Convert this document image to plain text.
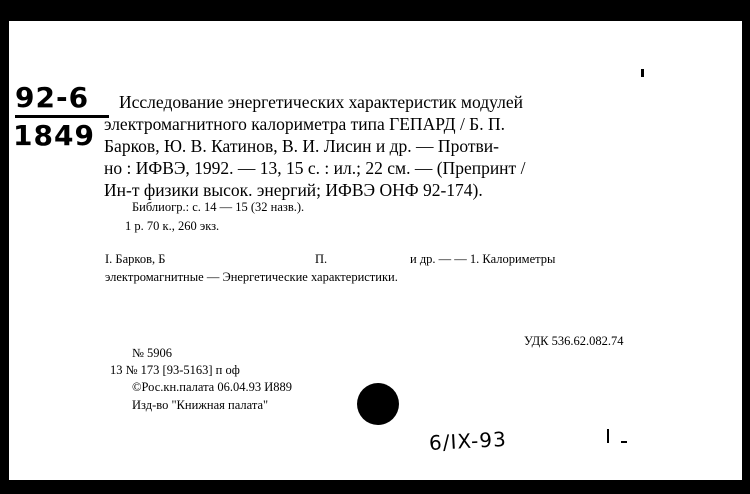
92-6
1849
Исследование энергетических характеристик модулей
электромагнитного калориметра типа ГЕПАРД / Б. П.
Барков, Ю. В. Катинов, В. И. Лисин и др. — Протви-
но : ИФВЭ, 1992. — 13, 15 с. : ил.; 22 см. — (Препринт /
Ин-т физики высок. энергий; ИФВЭ ОНФ 92-174).
Библиогр.: с. 14 — 15 (32 назв.).
1 р. 70 к., 260 экз.
I. Барков, Б	П.	и др. — — 1. Калориметры
электромагнитные — Энергетические характеристики.
№ 5906
УДК 536.62.082.74
13 № 173 [93-5163] п оф
©Рос.кн.палата 06.04.93 И889
Изд-во "Книжная палата"
6/IX-93
